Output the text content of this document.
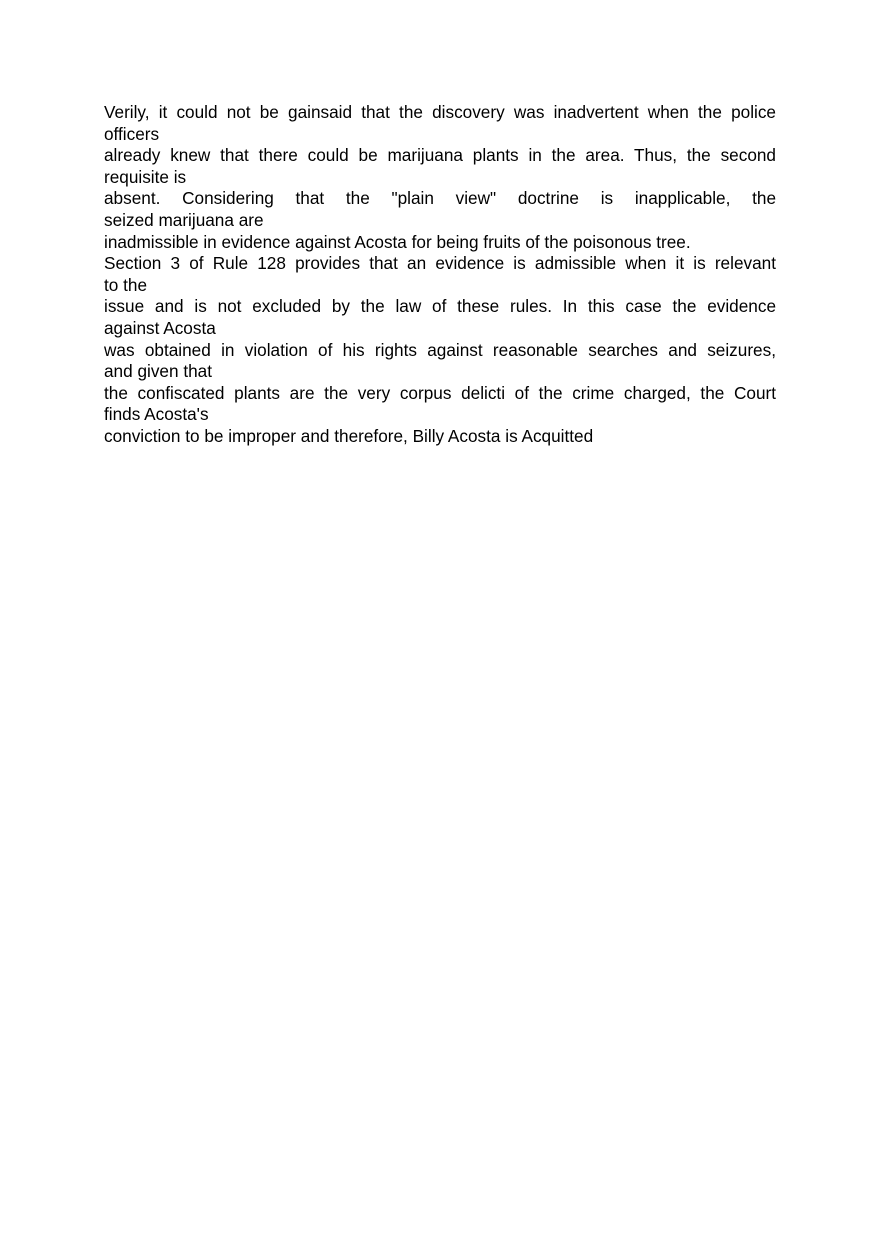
Verily, it could not be gainsaid that the discovery was inadvertent when the police
officers
already knew that there could be marijuana plants in the area. Thus, the second
requisite is
absent. Considering that the "plain view" doctrine is inapplicable, the
seized marijuana are
inadmissible in evidence against Acosta for being fruits of the poisonous tree.
Section 3 of Rule 128 provides that an evidence is admissible when it is relevant
to the
issue and is not excluded by the law of these rules. In this case the evidence
against Acosta
was obtained in violation of his rights against reasonable searches and seizures,
and given that
the confiscated plants are the very corpus delicti of the crime charged, the Court
finds Acosta's
conviction to be improper and therefore, Billy Acosta is Acquitted
